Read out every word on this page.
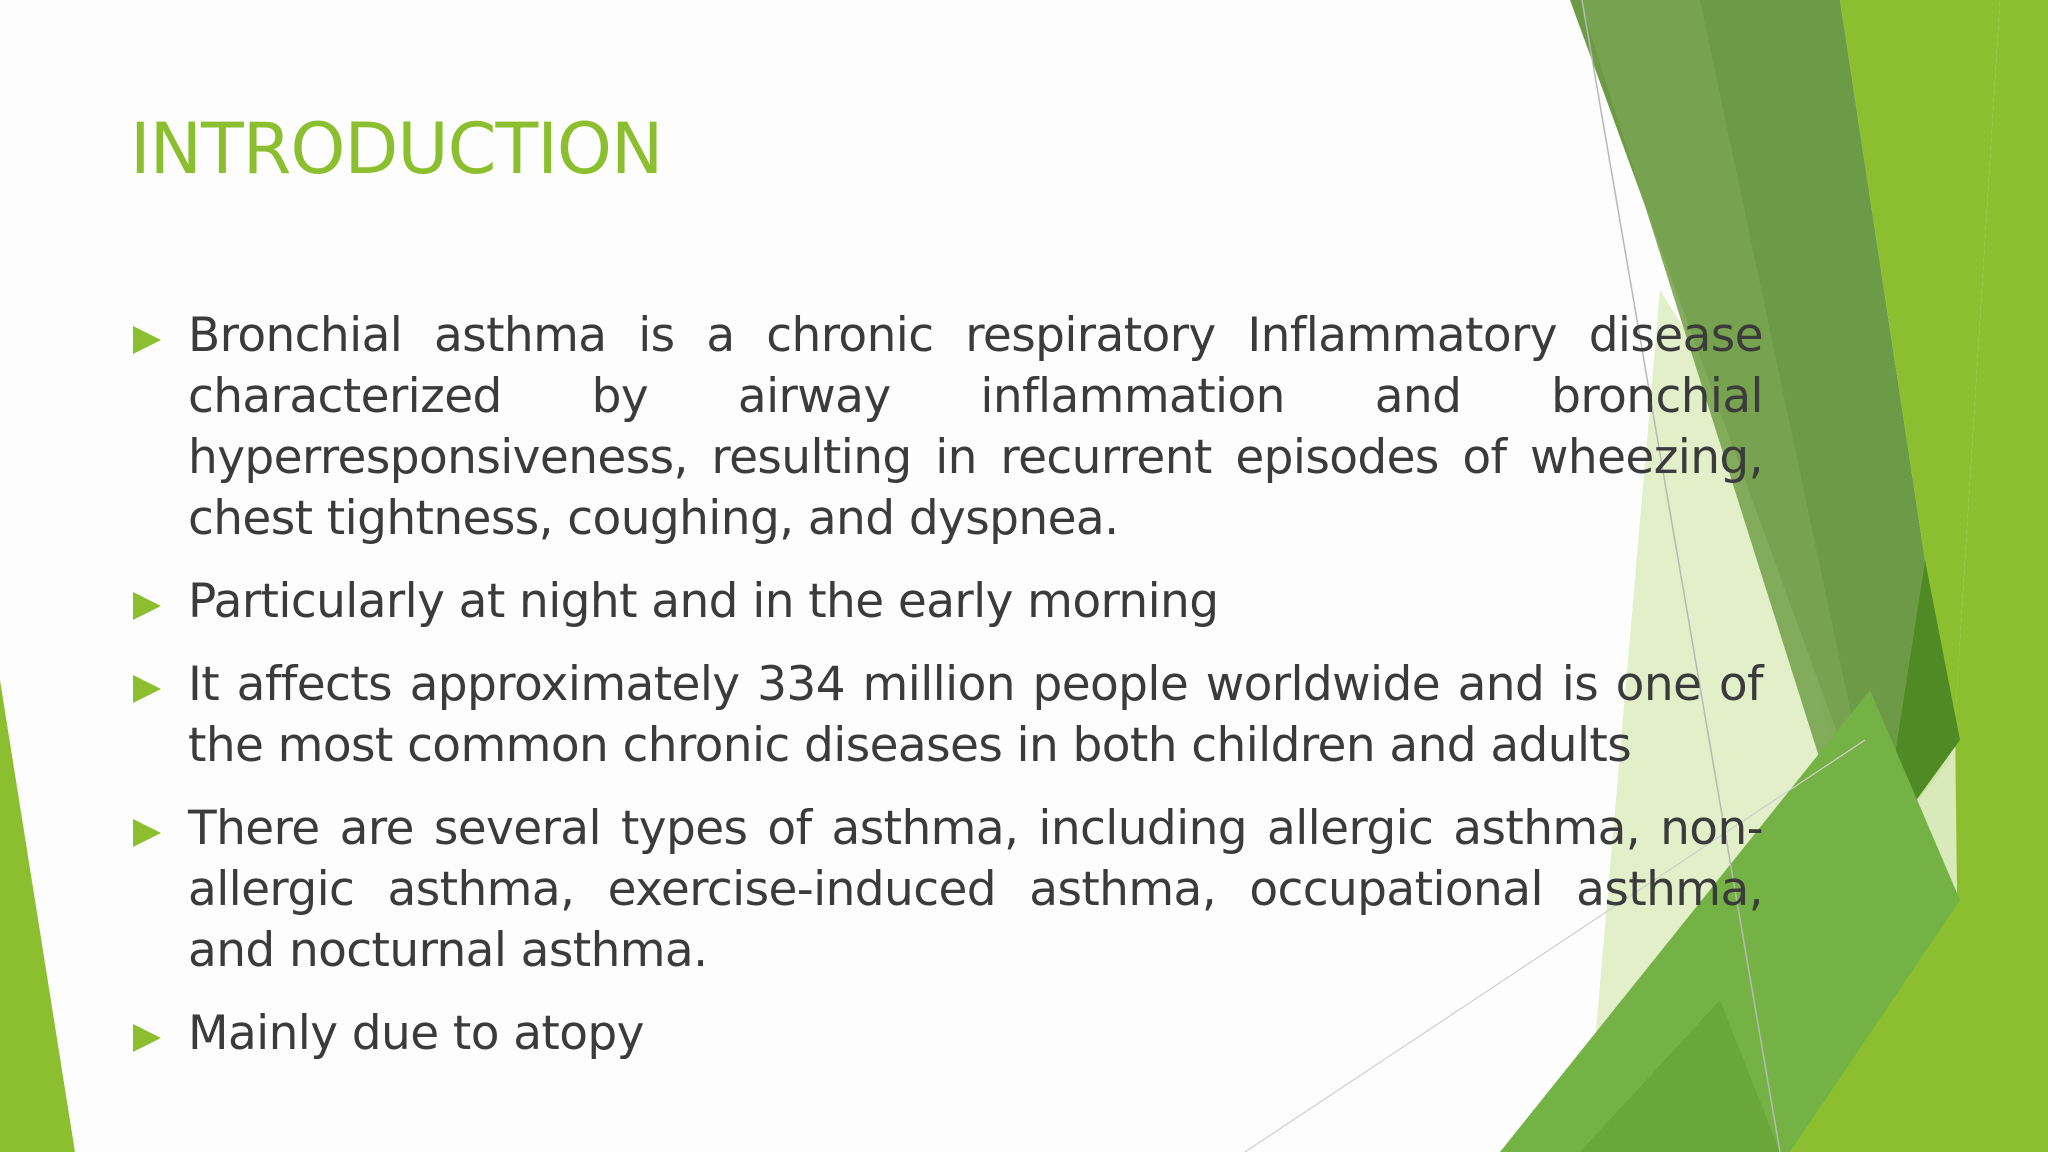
INTRODUCTION
Bronchial asthma is a chronic respiratory Inflammatory disease characterized by airway inflammation and bronchial hyperresponsiveness, resulting in recurrent episodes of wheezing, chest tightness, coughing, and dyspnea.
Particularly at night and in the early morning
It affects approximately 334 million people worldwide and is one of the most common chronic diseases in both children and adults
There are several types of asthma, including allergic asthma, non-allergic asthma, exercise-induced asthma, occupational asthma, and nocturnal asthma.
Mainly due to atopy
